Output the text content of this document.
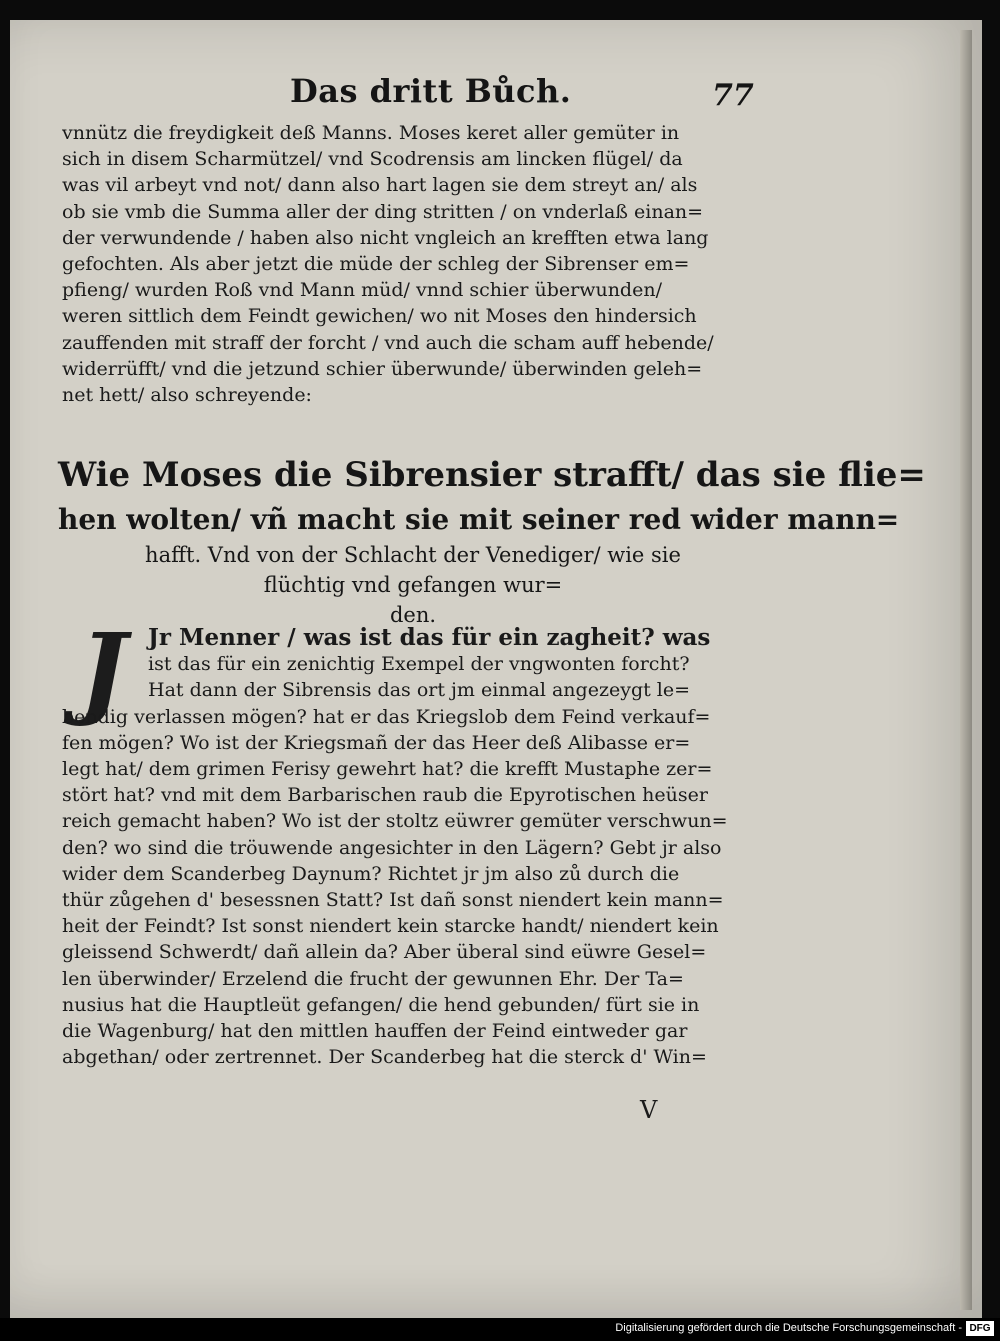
Das dritt Bůch.	77
vnnütz die freydigkeit deß Manns. Moses keret aller gemüter in
sich in disem Scharmützel/ vnd Scodrensis am lincken flügel/ da
was vil arbeyt vnd not/ dann also hart lagen sie dem streyt an/ als
ob sie vmb die Summa aller der ding stritten / on vnderlaß einan=
der verwundende / haben also nicht vngleich an krefften etwa lang
gefochten. Als aber jetzt die müde der schleg der Sibrenser em=
pfieng/ wurden Roß vnd Mann müd/ vnnd schier überwunden/
weren sittlich dem Feindt gewichen/ wo nit Moses den hindersich
zauffenden mit straff der forcht / vnd auch die scham auff hebende/
widerrüfft/ vnd die jetzund schier überwunde/ überwinden geleh=
net hett/ also schreyende:
Wie Moses die Sibrensier strafft/ das sie flie=
hen wolten/ vñ macht sie mit seiner red wider mann=
hafft. Vnd von der Schlacht der Venediger/ wie sie
flüchtig vnd gefangen wur=
den.
J Jr Menner / was ist das für ein zagheit? was
ist das für ein zenichtig Exempel der vngwonten forcht?
Hat dann der Sibrensis das ort jm einmal angezeygt le=
bendig verlassen mögen? hat er das Kriegslob dem Feind verkauf=
fen mögen? Wo ist der Kriegsmañ der das Heer deß Alibasse er=
legt hat/ dem grimen Ferisy gewehrt hat? die krefft Mustaphe zer=
stört hat? vnd mit dem Barbarischen raub die Epyrotischen heüser
reich gemacht haben? Wo ist der stoltz eüwrer gemüter verschwun=
den? wo sind die tröuwende angesichter in den Lägern? Gebt jr also
wider dem Scanderbeg Daynum? Richtet jr jm also zů durch die
thür zůgehen d' besessnen Statt? Ist dañ sonst niendert kein mann=
heit der Feindt? Ist sonst niendert kein starcke handt/ niendert kein
gleissend Schwerdt/ dañ allein da? Aber überal sind eüwre Gesel=
len überwinder/ Erzelend die frucht der gewunnen Ehr. Der Ta=
nusius hat die Hauptleüt gefangen/ die hend gebunden/ fürt sie in
die Wagenburg/ hat den mittlen hauffen der Feind eintweder gar
abgethan/ oder zertrennet. Der Scanderbeg hat die sterck d' Win=
V
Digitalisierung gefördert durch die Deutsche Forschungsgemeinschaft - DFG
